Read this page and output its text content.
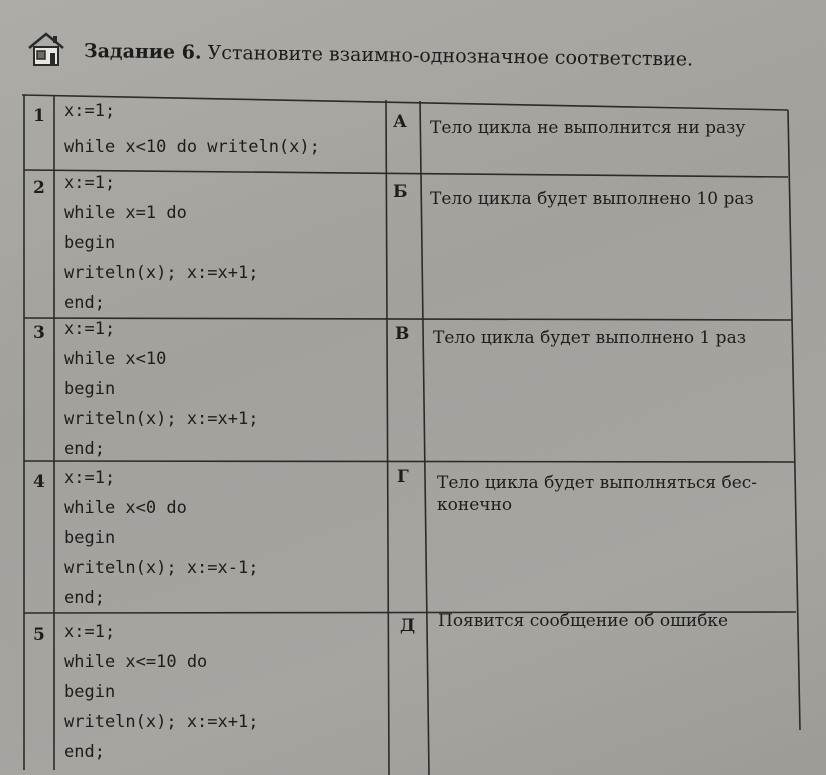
Задание 6. Установите взаимно-однозначное соответствие.
1 x:=1;
while x<10 do writeln(x);
2 x:=1;
while x=1 do
begin
writeln(x); x:=x+1;
end;
3 x:=1;
while x<10
begin
writeln(x); x:=x+1;
end;
4 x:=1;
while x<0 do
begin
writeln(x); x:=x-1;
end;
5 x:=1;
while x<=10 do
begin
writeln(x); x:=x+1;
end;
А Тело цикла не выполнится ни разу
Б Тело цикла будет выполнено 10 раз
В Тело цикла будет выполнено 1 раз
Г Тело цикла будет выполняться бес-конечно
Д Появится сообщение об ошибке
